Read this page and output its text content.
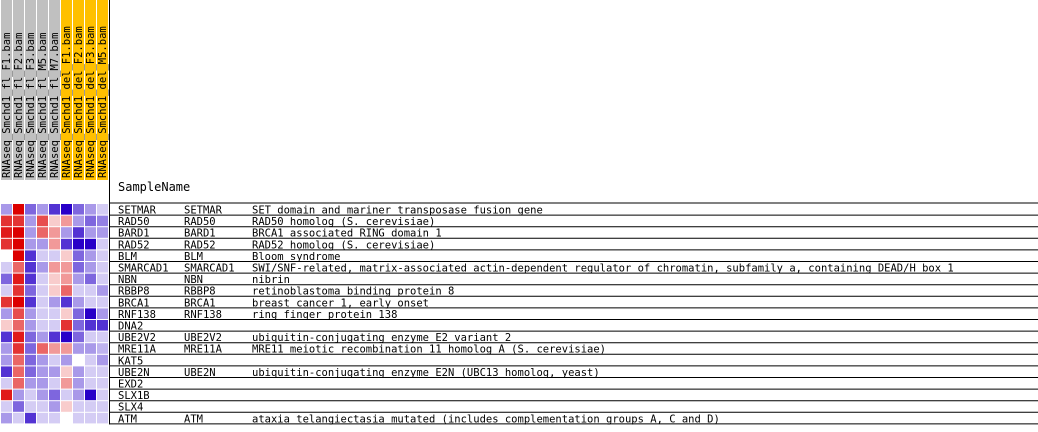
RNAseq_Smchd1_fl_F1.bam RNAseq_Smchd1_fl_F2.bam RNAseq_Smchd1_fl_F3.bam RNAseq_Smchd1_fl_M5.bam RNAseq_Smchd1_fl_M7.bam RNAseq_Smchd1_del_F1.bam RNAseq_Smchd1_del_F2.bam RNAseq_Smchd1_del_F3.bam RNAseq_Smchd1_del_M5.bam
SampleName
SETMAR	SETMAR	SET domain and mariner transposase fusion gene
RAD50	RAD50	RAD50 homolog (S. cerevisiae)
BARD1	BARD1	BRCA1 associated RING domain 1
RAD52	RAD52	RAD52 homolog (S. cerevisiae)
BLM	BLM	Bloom syndrome
SMARCAD1 SMARCAD1 SWI/SNF-related, matrix-associated actin-dependent regulator of chromatin, subfamily a, containing DEAD/H box 1
NBN	NBN	nibrin
RBBP8	RBBP8	retinoblastoma binding protein 8
BRCA1	BRCA1	breast cancer 1, early onset
RNF138	RNF138	ring finger protein 138
DNA2
UBE2V2	UBE2V2	ubiquitin-conjugating enzyme E2 variant 2
MRE11A	MRE11A	MRE11 meiotic recombination 11 homolog A (S. cerevisiae)
KAT5
UBE2N	UBE2N	ubiquitin-conjugating enzyme E2N (UBC13 homolog, yeast)
EXD2
SLX1B
SLX4
ATM	ATM	ataxia telangiectasia mutated (includes complementation groups A, C and D)
